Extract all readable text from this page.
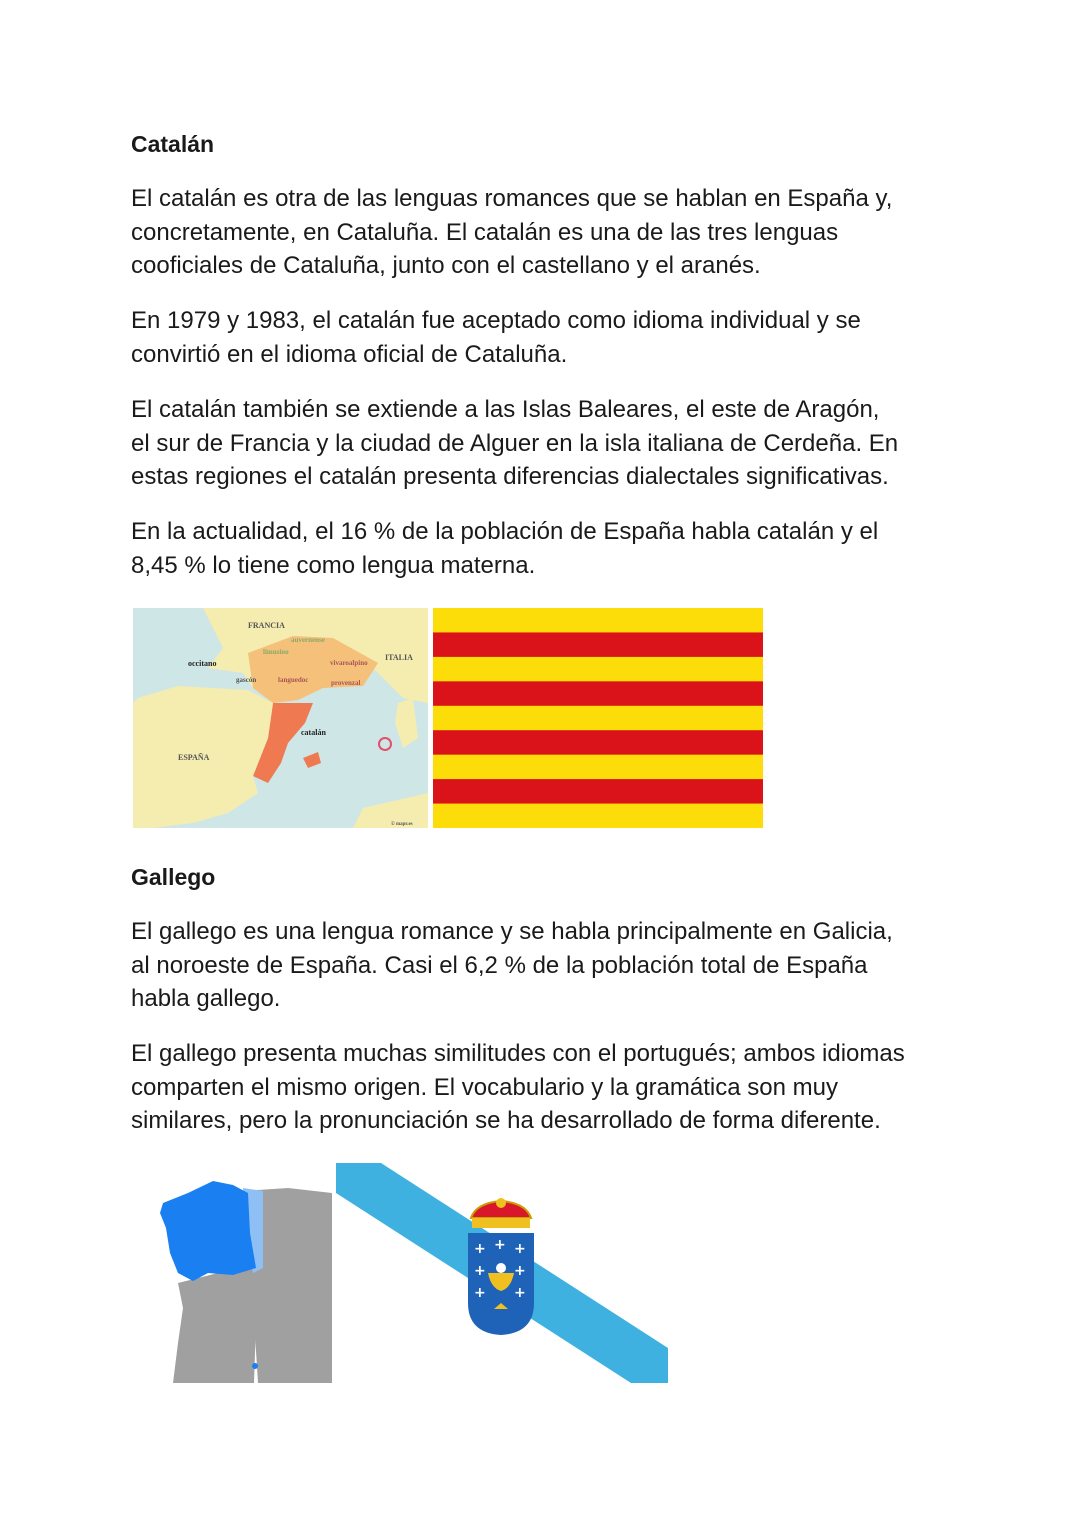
Catalán
El catalán es otra de las lenguas romances que se hablan en España y,
concretamente, en Cataluña. El catalán es una de las tres lenguas
cooficiales de Cataluña, junto con el castellano y el aranés.
En 1979 y 1983, el catalán fue aceptado como idioma individual y se
convirtió en el idioma oficial de Cataluña.
El catalán también se extiende a las Islas Baleares, el este de Aragón,
el sur de Francia y la ciudad de Alguer en la isla italiana de Cerdeña. En
estas regiones el catalán presenta diferencias dialectales significativas.
En la actualidad, el 16 % de la población de España habla catalán y el
8,45 % lo tiene como lengua materna.
FRANCIA
auvernense
limusino
occitano	vivaroalpino
ITALIA
gascón	languedoc	provenzal
catalán
ESPAÑA
© mapr.es
Gallego
El gallego es una lengua romance y se habla principalmente en Galicia,
al noroeste de España. Casi el 6,2 % de la población total de España
habla gallego.
El gallego presenta muchas similitudes con el portugués; ambos idiomas
comparten el mismo origen. El vocabulario y la gramática son muy
similares, pero la pronunciación se ha desarrollado de forma diferente.
+ + +
+ +
+ +
